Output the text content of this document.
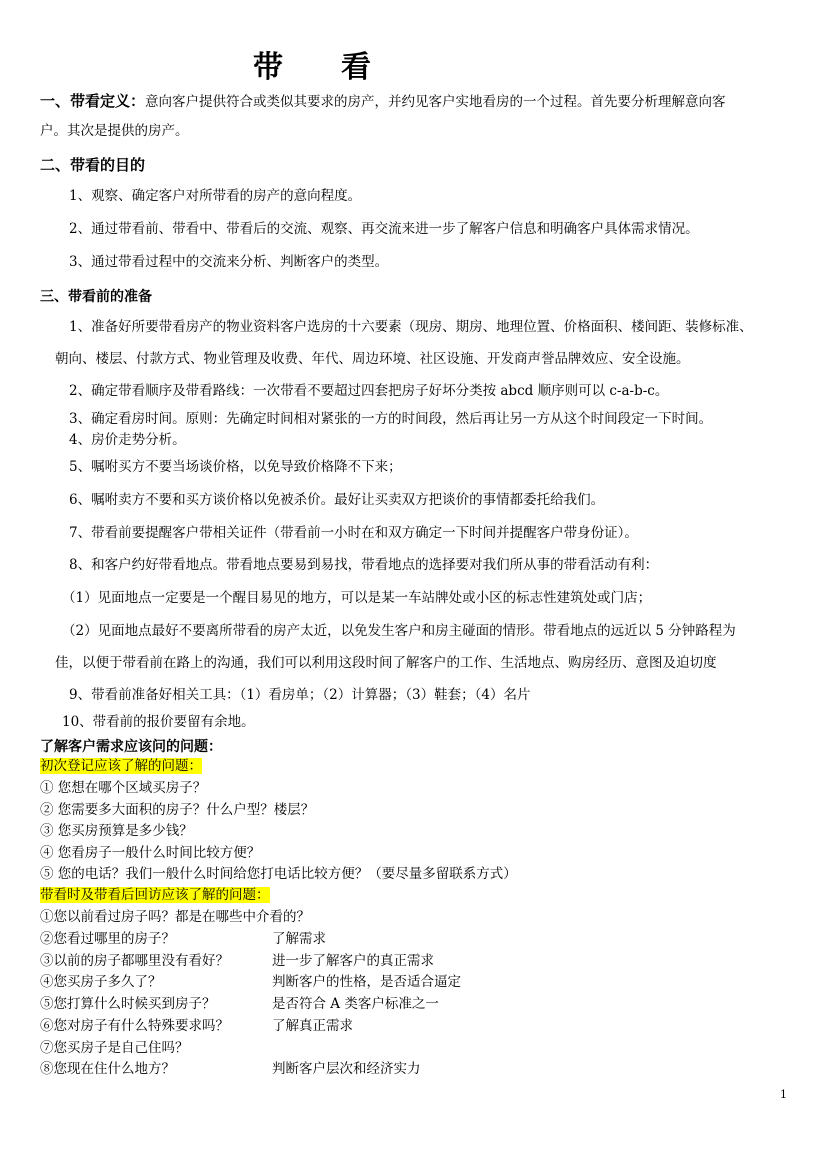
带 看
一、带看定义：意向客户提供符合或类似其要求的房产，并约见客户实地看房的一个过程。首先要分析理解意向客
户。其次是提供的房产。
二、带看的目的
1、观察、确定客户对所带看的房产的意向程度。
2、通过带看前、带看中、带看后的交流、观察、再交流来进一步了解客户信息和明确客户具体需求情况。
3、通过带看过程中的交流来分析、判断客户的类型。
三、带看前的准备
1、准备好所要带看房产的物业资料客户选房的十六要素（现房、期房、地理位置、价格面积、楼间距、装修标准、
朝向、楼层、付款方式、物业管理及收费、年代、周边环境、社区设施、开发商声誉品牌效应、安全设施。
2、确定带看顺序及带看路线：一次带看不要超过四套把房子好坏分类按 abcd 顺序则可以 c-a-b-c。
3、确定看房时间。原则：先确定时间相对紧张的一方的时间段，然后再让另一方从这个时间段定一下时间。
4、房价走势分析。
5、嘱咐买方不要当场谈价格，以免导致价格降不下来；
6、嘱咐卖方不要和买方谈价格以免被杀价。最好让买卖双方把谈价的事情都委托给我们。
7、带看前要提醒客户带相关证件（带看前一小时在和双方确定一下时间并提醒客户带身份证）。
8、和客户约好带看地点。带看地点要易到易找，带看地点的选择要对我们所从事的带看活动有利：
（1）见面地点一定要是一个醒目易见的地方，可以是某一车站牌处或小区的标志性建筑处或门店；
（2）见面地点最好不要离所带看的房产太近，以免发生客户和房主碰面的情形。带看地点的远近以 5 分钟路程为
佳，以便于带看前在路上的沟通，我们可以利用这段时间了解客户的工作、生活地点、购房经历、意图及迫切度
9、带看前准备好相关工具：（1）看房单；（2）计算器；（3）鞋套；（4）名片
10、带看前的报价要留有余地。
了解客户需求应该问的问题：
初次登记应该了解的问题：
① 您想在哪个区域买房子？
② 您需要多大面积的房子？什么户型？楼层？
③ 您买房预算是多少钱？
④ 您看房子一般什么时间比较方便？
⑤ 您的电话？我们一般什么时间给您打电话比较方便？（要尽量多留联系方式）
带看时及带看后回访应该了解的问题：
①您以前看过房子吗？都是在哪些中介看的？
②您看过哪里的房子？	了解需求
③以前的房子都哪里没有看好？	进一步了解客户的真正需求
④您买房子多久了？	判断客户的性格，是否适合逼定
⑤您打算什么时候买到房子？	是否符合 A 类客户标准之一
⑥您对房子有什么特殊要求吗？	了解真正需求
⑦您买房子是自己住吗？
⑧您现在住什么地方？	判断客户层次和经济实力
1
